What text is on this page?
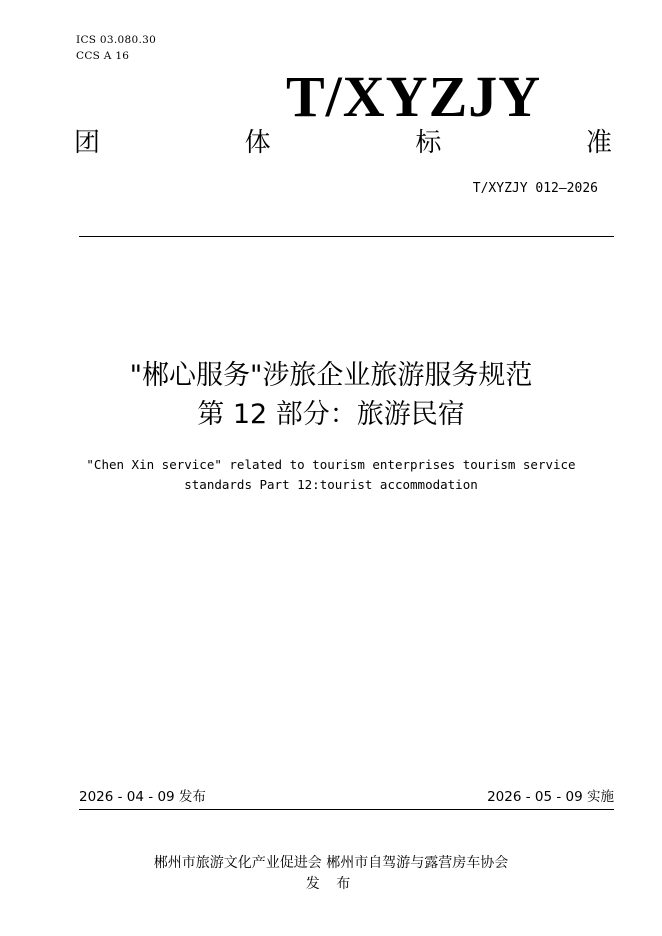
ICS 03.080.30
CCS A 16
T/XYZJY
团	体	标	准
T/XYZJY 012—2026
"郴心服务"涉旅企业旅游服务规范
第 12 部分：旅游民宿
"Chen Xin service" related to tourism enterprises tourism service
standards Part 12:tourist accommodation
2026 - 04 - 09 发布	2026 - 05 - 09 实施
郴州市旅游文化产业促进会 郴州市自驾游与露营房车协会
发 布
